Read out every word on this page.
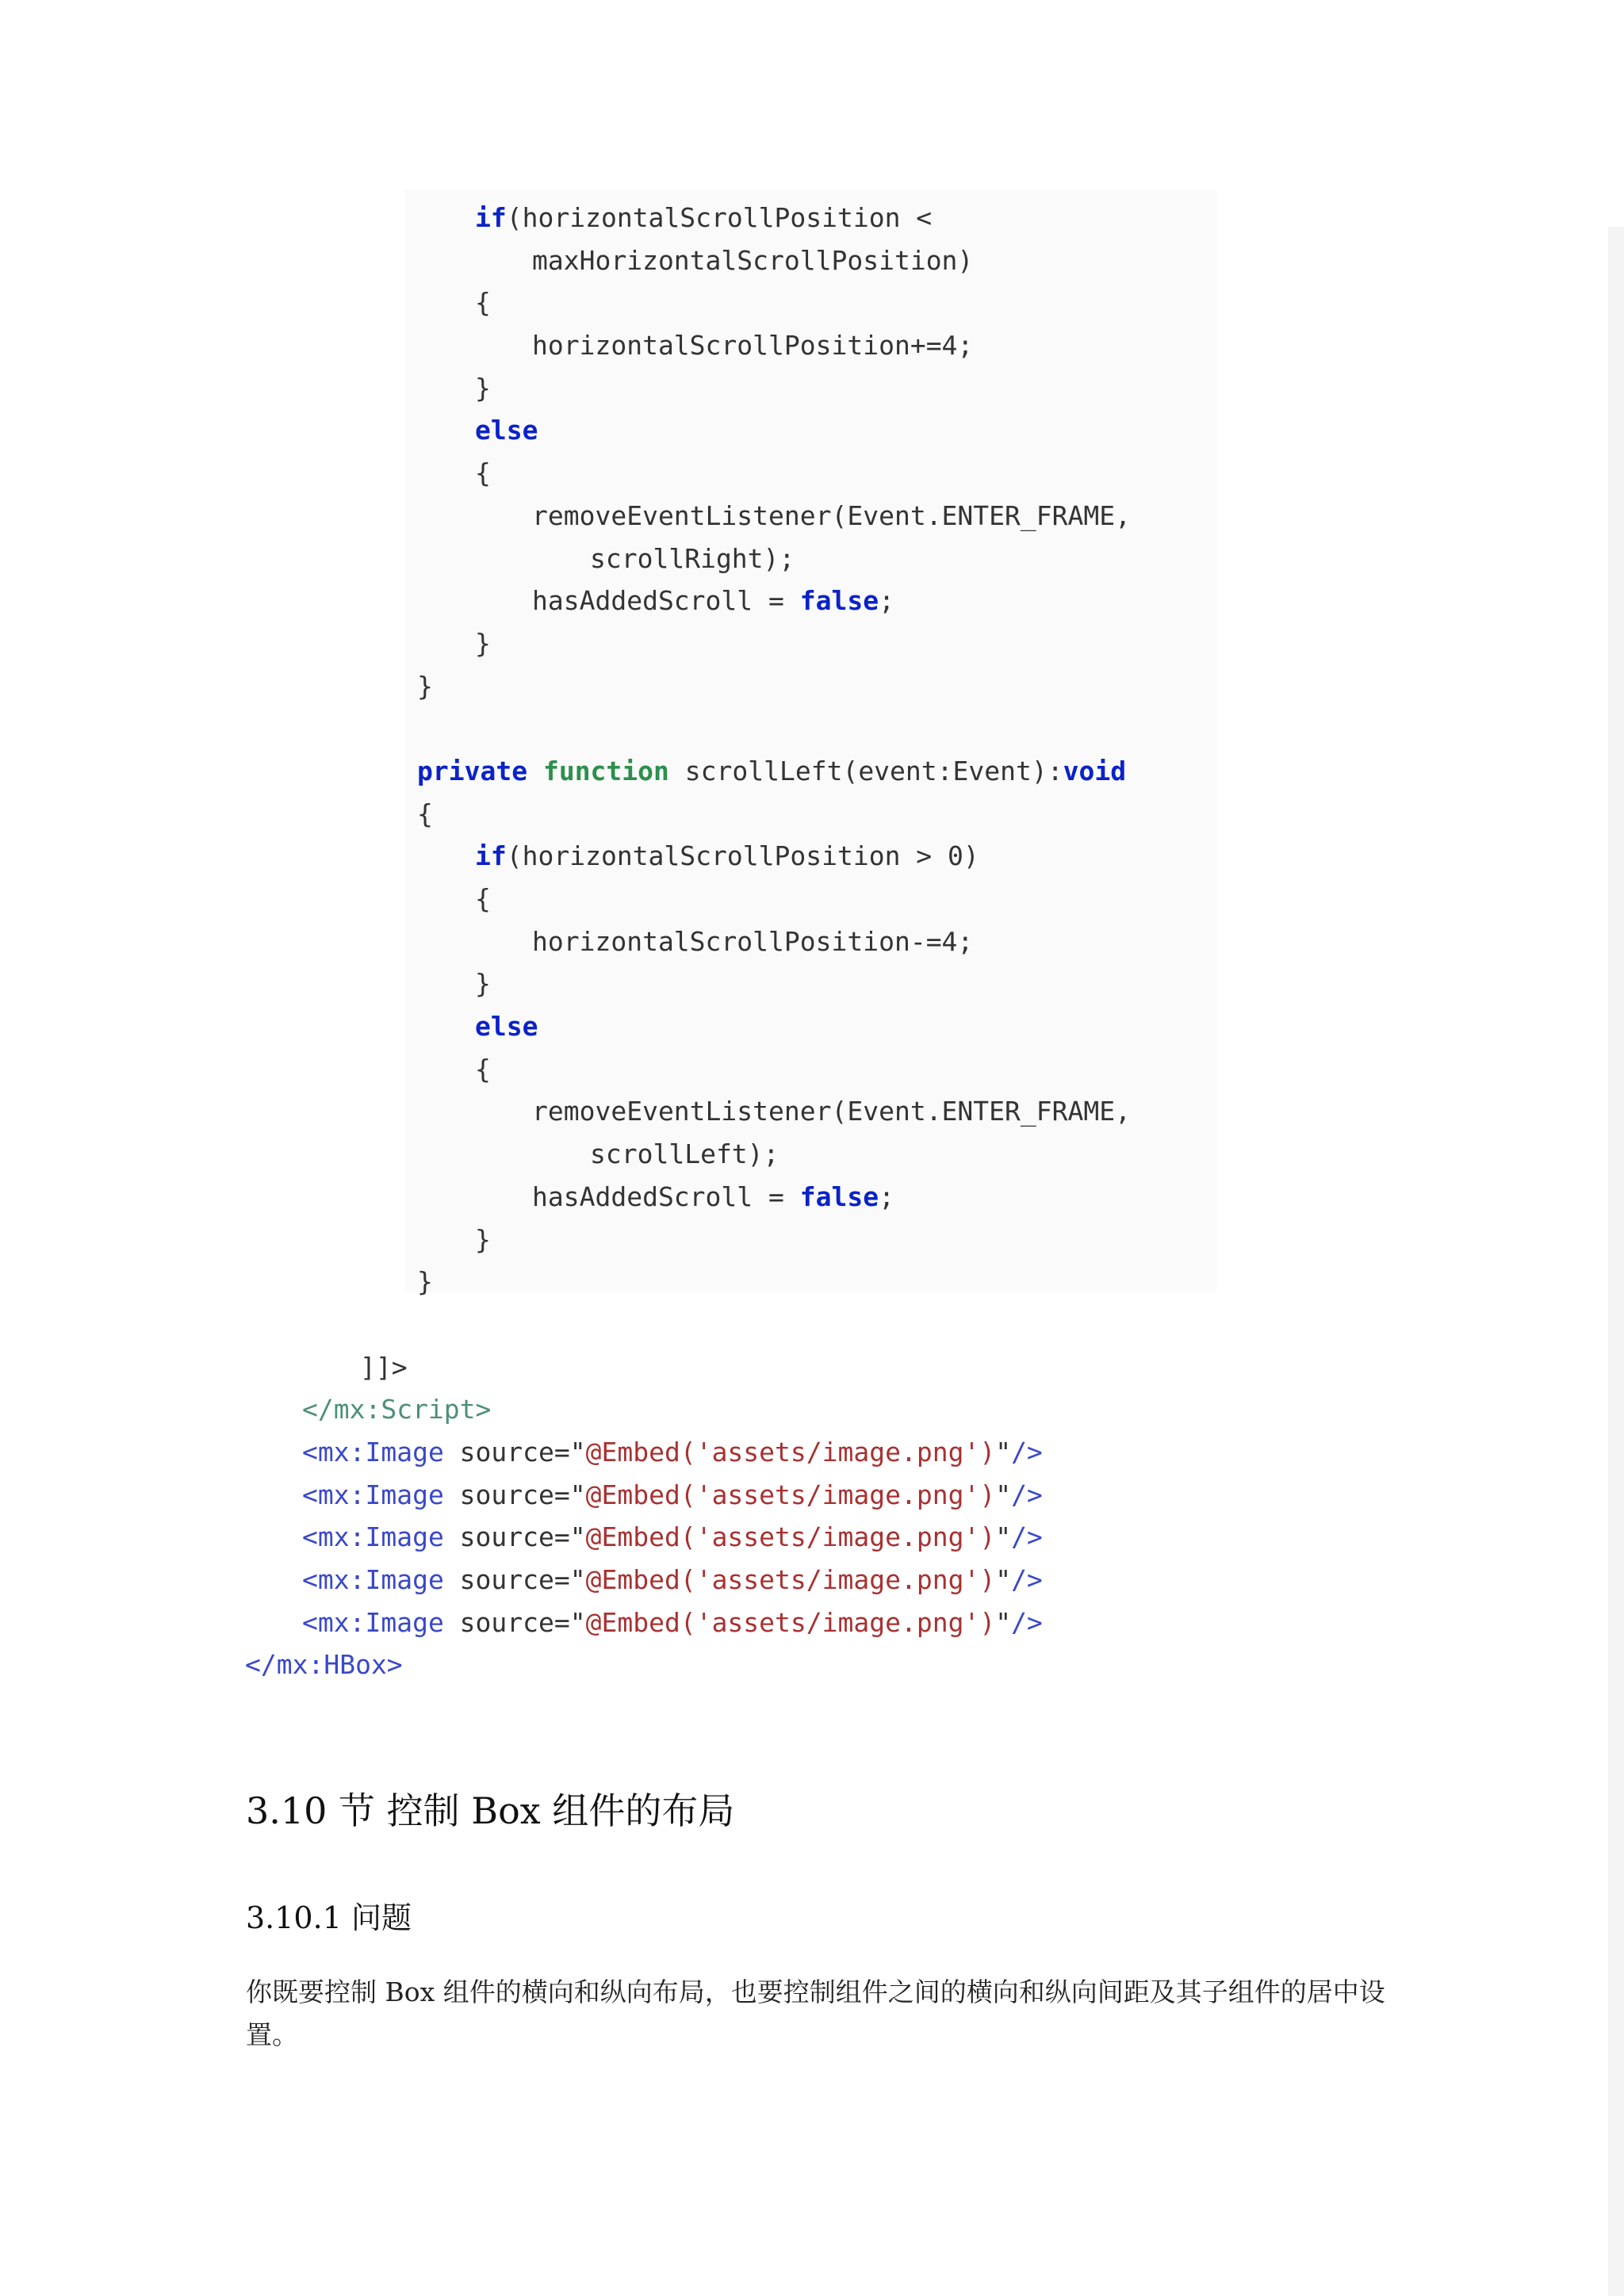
if(horizontalScrollPosition <
maxHorizontalScrollPosition)
{
horizontalScrollPosition+=4;
}
else
{
removeEventListener(Event.ENTER_FRAME,
scrollRight);
hasAddedScroll = false;
}
}
private function scrollLeft(event:Event):void
{
if(horizontalScrollPosition > 0)
{
horizontalScrollPosition-=4;
}
else
{
removeEventListener(Event.ENTER_FRAME,
scrollLeft);
hasAddedScroll = false;
}
}
]]>
</mx:Script>
<mx:Image source="@Embed('assets/image.png')"/>
<mx:Image source="@Embed('assets/image.png')"/>
<mx:Image source="@Embed('assets/image.png')"/>
<mx:Image source="@Embed('assets/image.png')"/>
<mx:Image source="@Embed('assets/image.png')"/>
</mx:HBox>
3.10 节 控制 Box 组件的布局
3.10.1 问题
你既要控制 Box 组件的横向和纵向布局，也要控制组件之间的横向和纵向间距及其子组件的居中设置。
